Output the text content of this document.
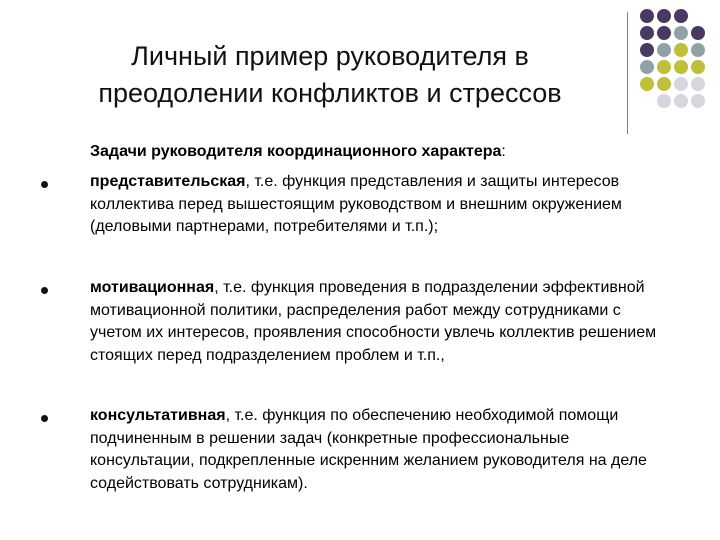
Личный пример руководителя в
преодолении конфликтов и стрессов
Задачи руководителя координационного характера:
представительская, т.е. функция представления и защиты интересов коллектива перед вышестоящим руководством и внешним окружением (деловыми партнерами, потребителями и т.п.);
мотивационная, т.е. функция проведения в подразделении эффективной мотивационной политики, распределения работ между сотрудниками с учетом их интересов, проявления способности увлечь коллектив решением стоящих перед подразделением проблем и т.п.,
консультативная, т.е. функция по обеспечению необходимой помощи подчиненным в решении задач (конкретные профессиональные консультации, подкрепленные искренним желанием руководителя на деле содействовать сотрудникам).
